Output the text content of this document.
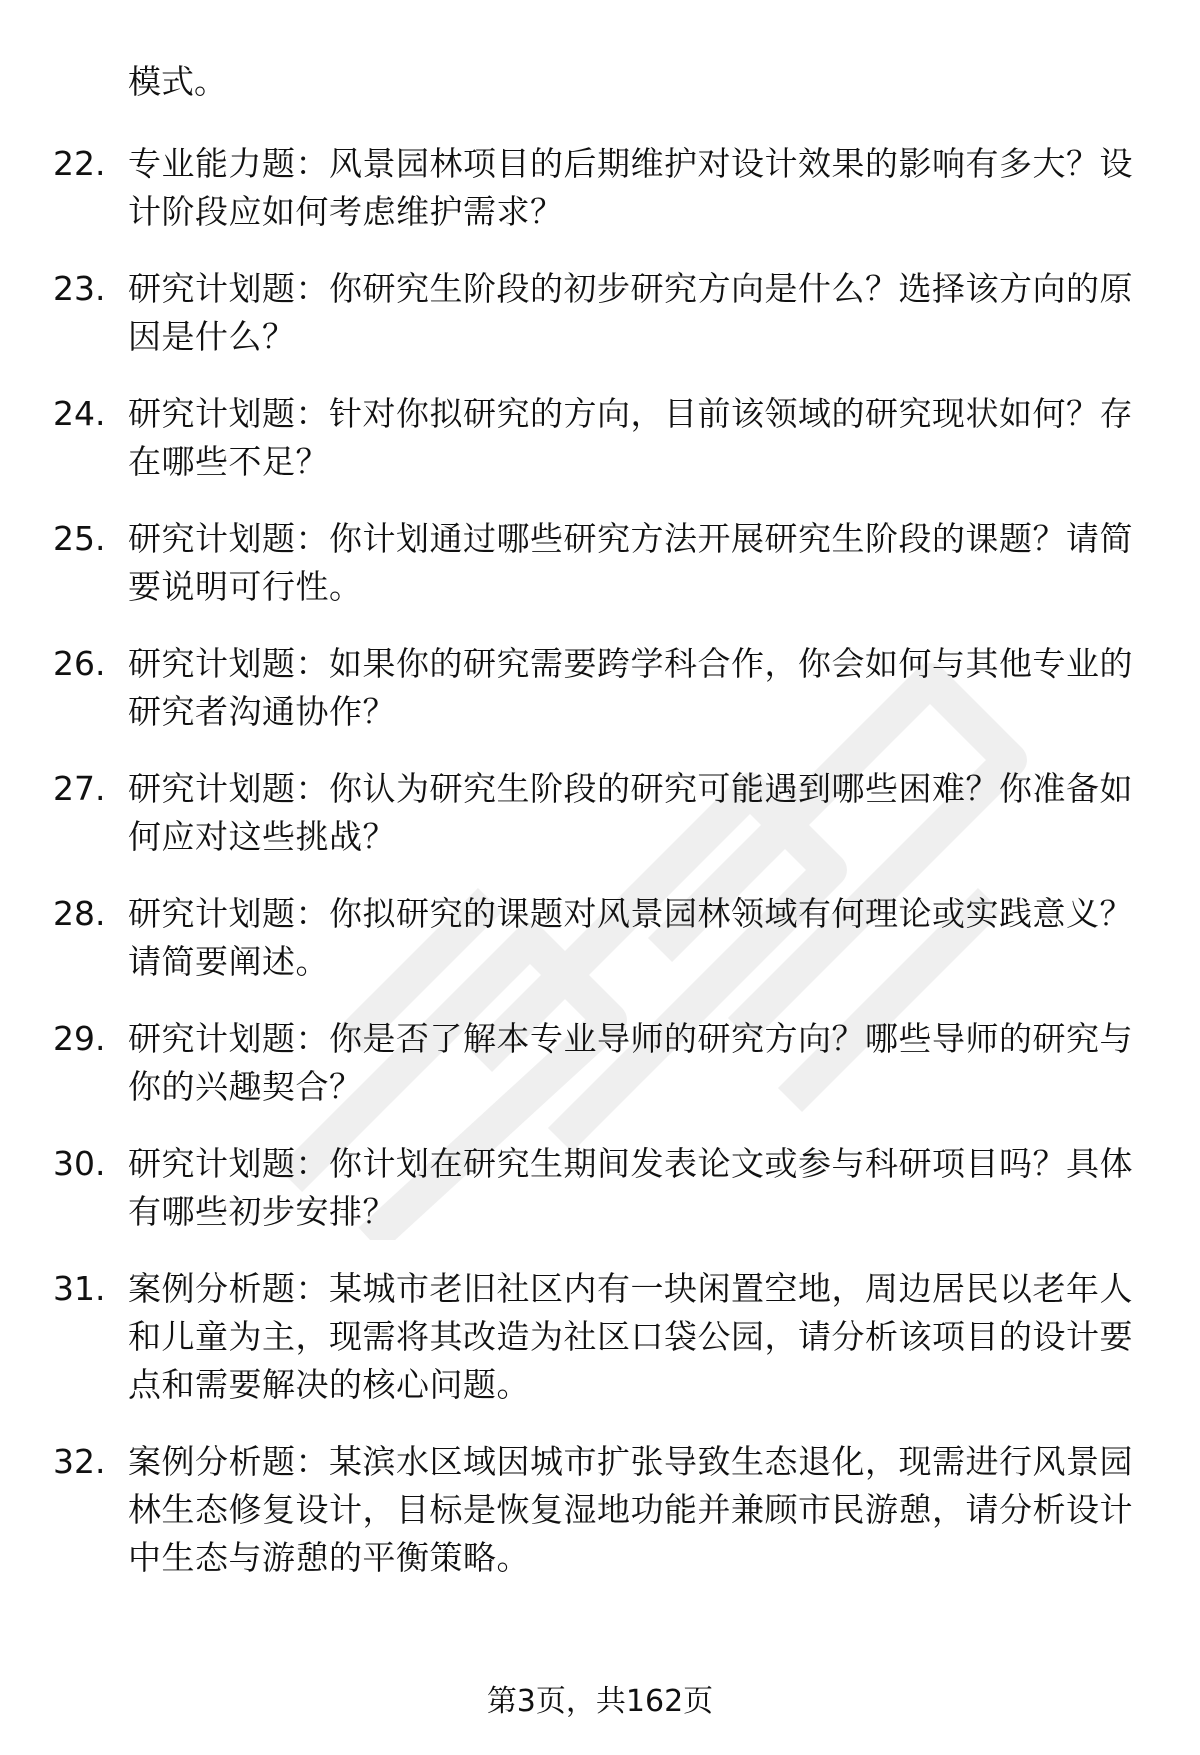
模式。

22. 专业能力题：风景园林项目的后期维护对设计效果的影响有多大？设计阶段应如何考虑维护需求？
23. 研究计划题：你研究生阶段的初步研究方向是什么？选择该方向的原因是什么？
24. 研究计划题：针对你拟研究的方向，目前该领域的研究现状如何？存在哪些不足？
25. 研究计划题：你计划通过哪些研究方法开展研究生阶段的课题？请简要说明可行性。
26. 研究计划题：如果你的研究需要跨学科合作，你会如何与其他专业的研究者沟通协作？
27. 研究计划题：你认为研究生阶段的研究可能遇到哪些困难？你准备如何应对这些挑战？
28. 研究计划题：你拟研究的课题对风景园林领域有何理论或实践意义？请简要阐述。
29. 研究计划题：你是否了解本专业导师的研究方向？哪些导师的研究与你的兴趣契合？
30. 研究计划题：你计划在研究生期间发表论文或参与科研项目吗？具体有哪些初步安排？
31. 案例分析题：某城市老旧社区内有一块闲置空地，周边居民以老年人和儿童为主，现需将其改造为社区口袋公园，请分析该项目的设计要点和需要解决的核心问题。
32. 案例分析题：某滨水区域因城市扩张导致生态退化，现需进行风景园林生态修复设计，目标是恢复湿地功能并兼顾市民游憩，请分析设计中生态与游憩的平衡策略。
第3页，共162页
